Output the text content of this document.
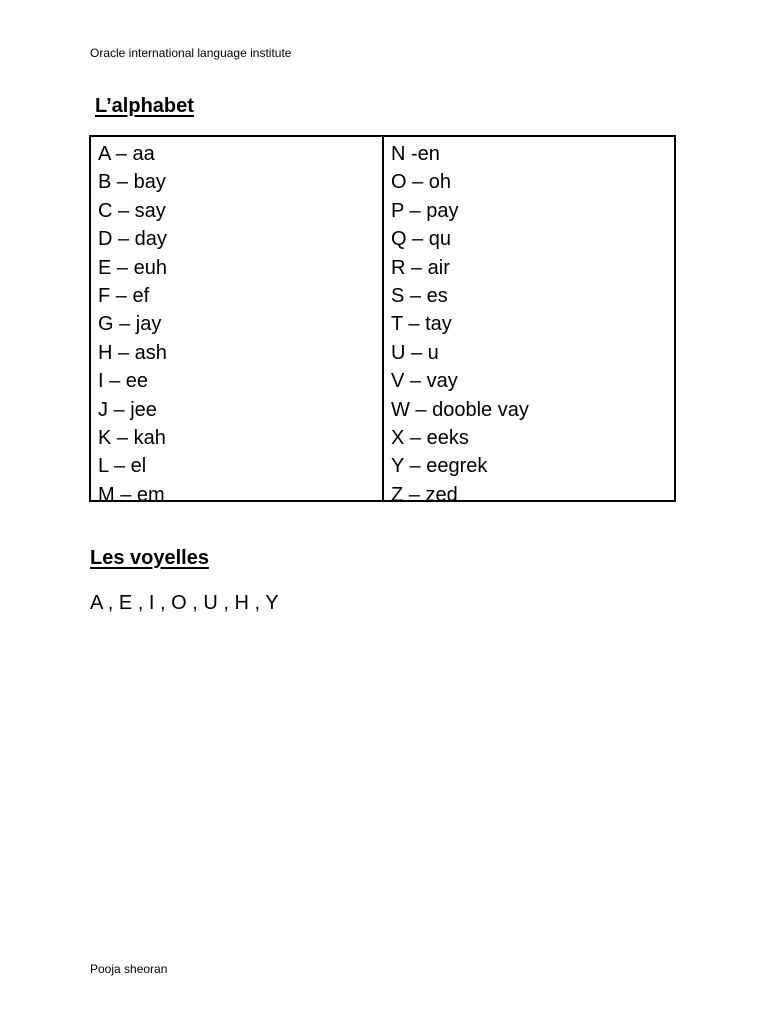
Oracle international language institute
L’alphabet
A – aa
B – bay
C – say
D – day
E – euh
F – ef
G – jay
H – ash
I – ee
J – jee
K – kah
L – el
M – em
N -en
O – oh
P – pay
Q – qu
R – air
S – es
T – tay
U – u
V – vay
W – dooble vay
X – eeks
Y – eegrek
Z – zed
Les voyelles
A , E , I , O , U , H , Y
Pooja sheoran
